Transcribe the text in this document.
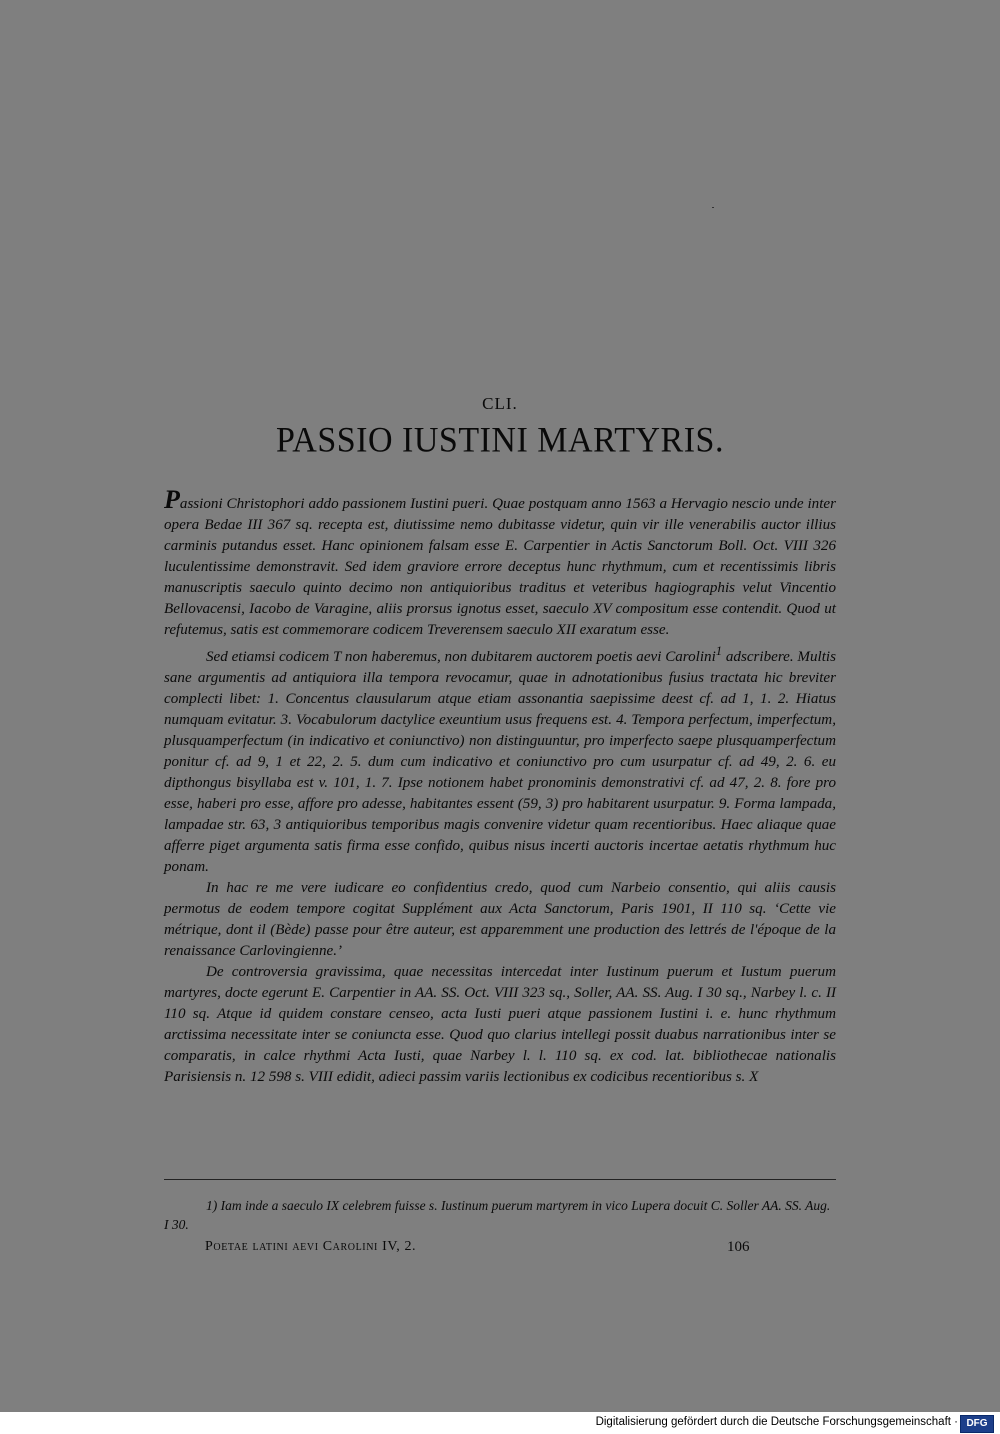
CLI.
PASSIO IUSTINI MARTYRIS.

Passioni Christophori addo passionem Iustini pueri. Quae postquam anno 1563 a Hervagio nescio unde inter opera Bedae III 367 sq. recepta est, diutissime nemo dubitasse videtur, quin vir ille venerabilis auctor illius carminis putandus esset. Hanc opinionem falsam esse E. Carpentier in Actis Sanctorum Boll. Oct. VIII 326 luculentissime demonstravit. Sed idem graviore errore deceptus hunc rhythmum, cum et recentissimis libris manuscriptis saeculo quinto decimo non antiquioribus traditus et veteribus hagiographis velut Vincentio Bellovacensi, Iacobo de Varagine, aliis prorsus ignotus esset, saeculo XV compositum esse contendit. Quod ut refutemus, satis est commemorare codicem Treverensem saeculo XII exaratum esse.

Sed etiamsi codicem T non haberemus, non dubitarem auctorem poetis aevi Carolini$^1$ adscribere. Multis sane argumentis ad antiquiora illa tempora revocamur, quae in adnotationibus fusius tractata hic breviter complecti libet: 1. Concentus clausularum atque etiam assonantia saepissime deest cf. ad 1, 1. 2. Hiatus numquam evitatur. 3. Vocabulorum dactylice exeuntium usus frequens est. 4. Tempora perfectum, imperfectum, plusquamperfectum (in indicativo et coniunctivo) non distinguuntur, pro imperfecto saepe plusquamperfectum ponitur cf. ad 9, 1 et 22, 2. 5. dum cum indicativo et coniunctivo pro cum usurpatur cf. ad 49, 2. 6. eu dipthongus bisyllaba est v. 101, 1. 7. Ipse notionem habet pronominis demonstrativi cf. ad 47, 2. 8. fore pro esse, haberi pro esse, affore pro adesse, habitantes essent (59, 3) pro habitarent usurpatur. 9. Forma lampada, lampadae str. 63, 3 antiquioribus temporibus magis convenire videtur quam recentioribus. Haec aliaque quae afferre piget argumenta satis firma esse confido, quibus nisus incerti auctoris incertae aetatis rhythmum huc ponam.

In hac re me vere iudicare eo confidentius credo, quod cum Narbeio consentio, qui aliis causis permotus de eodem tempore cogitat Supplément aux Acta Sanctorum, Paris 1901, II 110 sq. ‘Cette vie métrique, dont il (Bède) passe pour être auteur, est apparemment une production des lettrés de l'époque de la renaissance Carlovingienne.’

De controversia gravissima, quae necessitas intercedat inter Iustinum puerum et Iustum puerum martyres, docte egerunt E. Carpentier in AA. SS. Oct. VIII 323 sq., Soller, AA. SS. Aug. I 30 sq., Narbey l. c. II 110 sq. Atque id quidem constare censeo, acta Iusti pueri atque passionem Iustini i. e. hunc rhythmum arctissima necessitate inter se coniuncta esse. Quod quo clarius intellegi possit duabus narrationibus inter se comparatis, in calce rhythmi Acta Iusti, quae Narbey l. l. 110 sq. ex cod. lat. bibliothecae nationalis Parisiensis n. 12 598 s. VIII edidit, adieci passim variis lectionibus ex codicibus recentioribus s. X

1) Iam inde a saeculo IX celebrem fuisse s. Iustinum puerum martyrem in vico Lupera docuit C. Soller AA. SS. Aug. I 30.
Poetae latini aevi Carolini IV, 2.	106
Digitalisierung gefördert durch die Deutsche Forschungsgemeinschaft · DFG
